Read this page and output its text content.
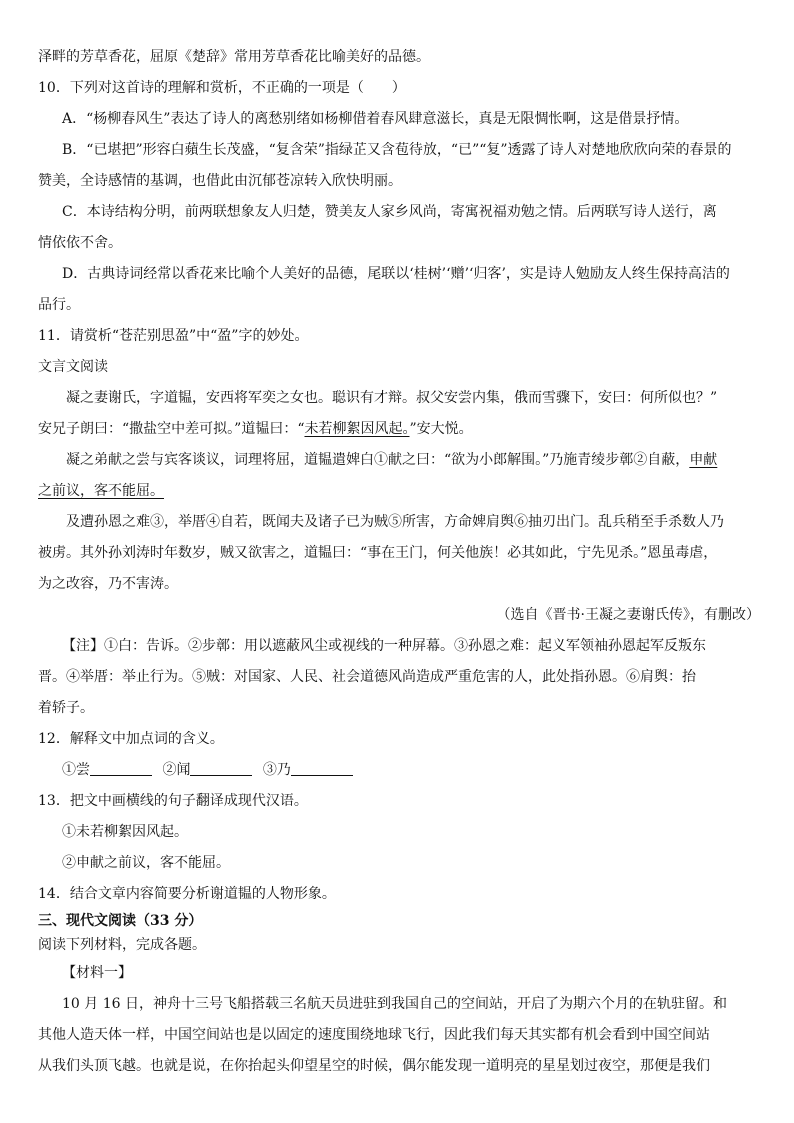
泽畔的芳草香花，屈原《楚辞》常用芳草香花比喻美好的品德。
10．下列对这首诗的理解和赏析，不正确的一项是（　　）
A．“杨柳春风生”表达了诗人的离愁别绪如杨柳借着春风肆意滋长，真是无限惆怅啊，这是借景抒情。
B．“已堪把”形容白蘋生长茂盛，“复含荣”指绿芷又含苞待放，“已”“复”透露了诗人对楚地欣欣向荣的春景的
赞美，全诗感情的基调，也借此由沉郁苍凉转入欣快明丽。
C．本诗结构分明，前两联想象友人归楚，赞美友人家乡风尚，寄寓祝福劝勉之情。后两联写诗人送行，离
情依依不舍。
D．古典诗词经常以香花来比喻个人美好的品德，尾联以‘桂树’‘赠’‘归客’，实是诗人勉励友人终生保持高洁的
品行。
11．请赏析“苍茫别思盈”中“盈”字的妙处。
文言文阅读
凝之妻谢氏，字道韫，安西将军奕之女也。聪识有才辩。叔父安尝内集，俄而雪骤下，安曰：何所似也？”
安兄子朗曰：“撒盐空中差可拟。”道韫曰：“未若柳絮因风起。”安大悦。
凝之弟献之尝与宾客谈议，词理将屈，道韫遣婢白①献之曰：“欲为小郎解围。”乃施青绫步鄣②自蔽，申献
之前议，客不能屈。
及遭孙恩之难③，举厝④自若，既闻夫及诸子已为贼⑤所害，方命婢肩舆⑥抽刃出门。乱兵稍至手杀数人乃
被虏。其外孙刘涛时年数岁，贼又欲害之，道韫曰：“事在王门，何关他族！必其如此，宁先见杀。”恩虽毒虐，
为之改容，乃不害涛。
（选自《晋书·王凝之妻谢氏传》，有删改）
【注】①白：告诉。②步鄣：用以遮蔽风尘或视线的一种屏幕。③孙恩之难：起义军领袖孙恩起军反叛东
晋。④举厝：举止行为。⑤贼：对国家、人民、社会道德风尚造成严重危害的人，此处指孙恩。⑥肩舆：抬
着轿子。
12．解释文中加点词的含义。
①尝	②闻	③乃
13．把文中画横线的句子翻译成现代汉语。
①未若柳絮因风起。
②申献之前议，客不能屈。
14．结合文章内容简要分析谢道韫的人物形象。
三、现代文阅读（33 分）
阅读下列材料，完成各题。
【材料一】
10 月 16 日，神舟十三号飞船搭载三名航天员进驻到我国自己的空间站，开启了为期六个月的在轨驻留。和
其他人造天体一样，中国空间站也是以固定的速度围绕地球飞行，因此我们每天其实都有机会看到中国空间站
从我们头顶飞越。也就是说，在你抬起头仰望星空的时候，偶尔能发现一道明亮的星星划过夜空，那便是我们
